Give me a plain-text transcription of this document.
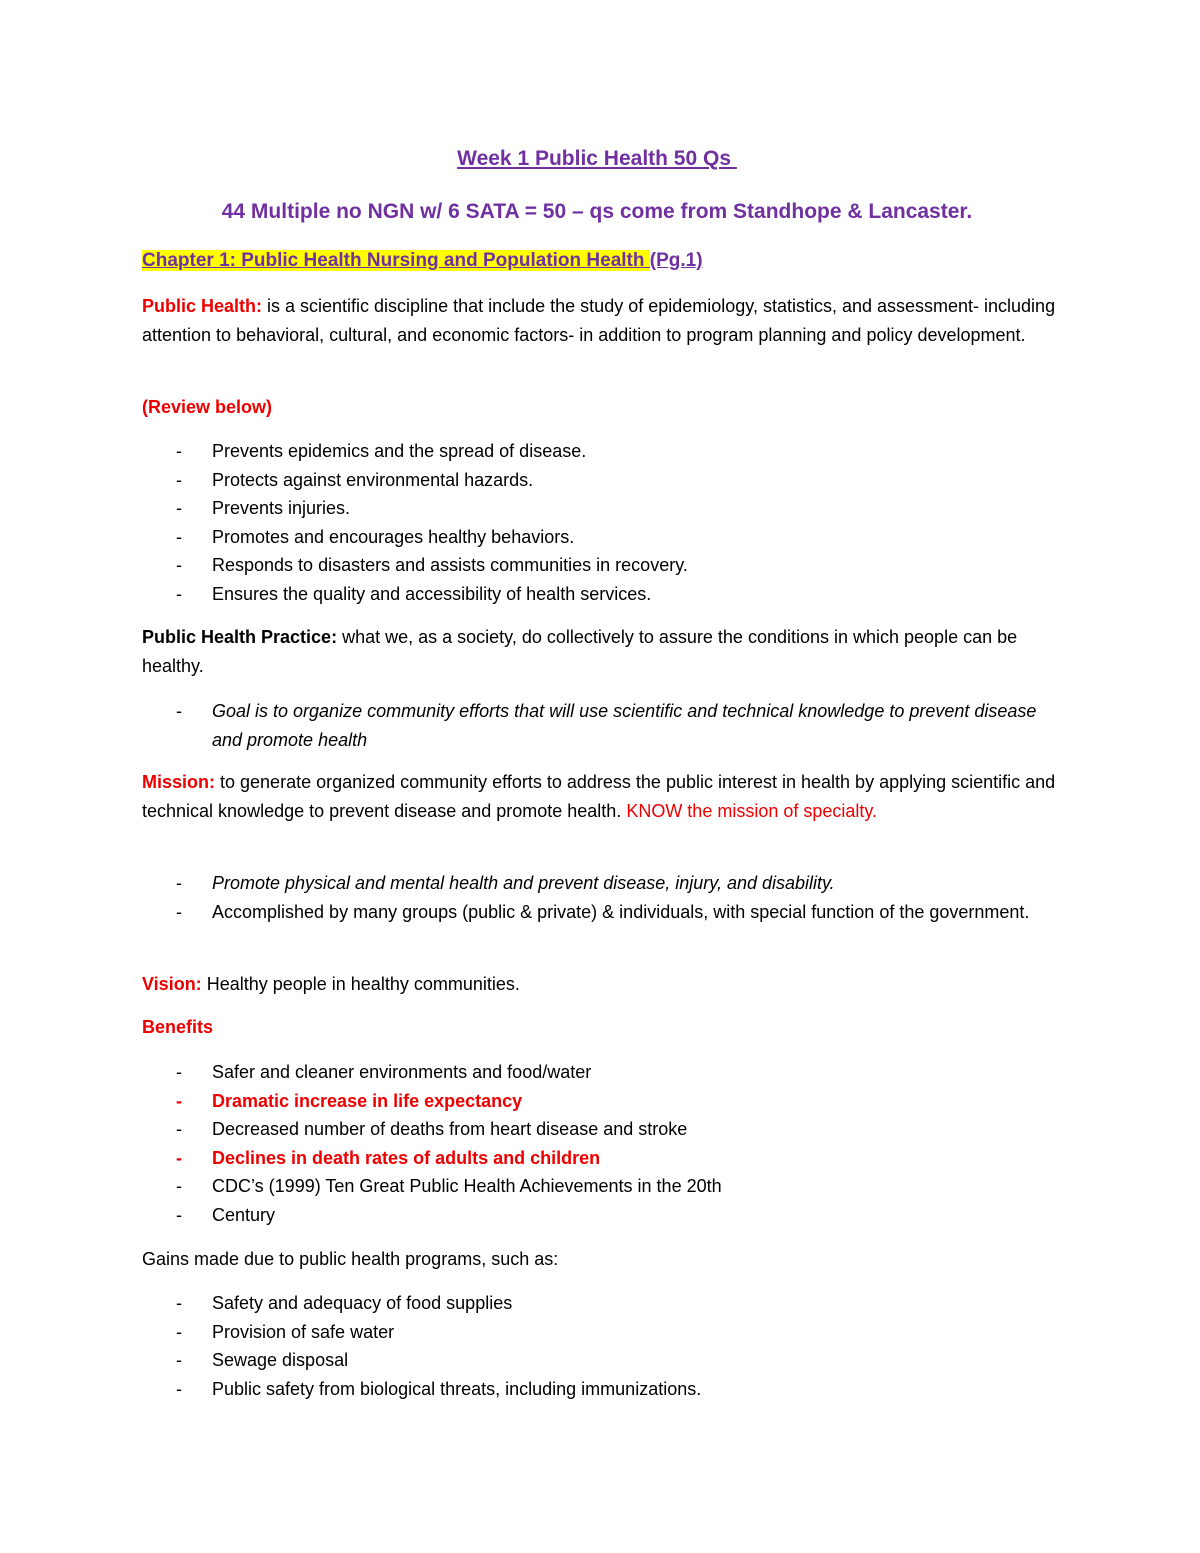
Week 1 Public Health 50 Qs
44 Multiple no NGN w/ 6 SATA = 50 – qs come from Standhope & Lancaster.
Chapter 1: Public Health Nursing and Population Health (Pg.1)
Public Health: is a scientific discipline that include the study of epidemiology, statistics, and assessment- including attention to behavioral, cultural, and economic factors- in addition to program planning and policy development.
(Review below)
- Prevents epidemics and the spread of disease.
- Protects against environmental hazards.
- Prevents injuries.
- Promotes and encourages healthy behaviors.
- Responds to disasters and assists communities in recovery.
- Ensures the quality and accessibility of health services.
Public Health Practice: what we, as a society, do collectively to assure the conditions in which people can be healthy.
- Goal is to organize community efforts that will use scientific and technical knowledge to prevent disease and promote health
Mission: to generate organized community efforts to address the public interest in health by applying scientific and technical knowledge to prevent disease and promote health. KNOW the mission of specialty.
- Promote physical and mental health and prevent disease, injury, and disability.
- Accomplished by many groups (public & private) & individuals, with special function of the government.
Vision: Healthy people in healthy communities.
Benefits
- Safer and cleaner environments and food/water
- Dramatic increase in life expectancy
- Decreased number of deaths from heart disease and stroke
- Declines in death rates of adults and children
- CDC’s (1999) Ten Great Public Health Achievements in the 20th
- Century
Gains made due to public health programs, such as:
- Safety and adequacy of food supplies
- Provision of safe water
- Sewage disposal
- Public safety from biological threats, including immunizations.
